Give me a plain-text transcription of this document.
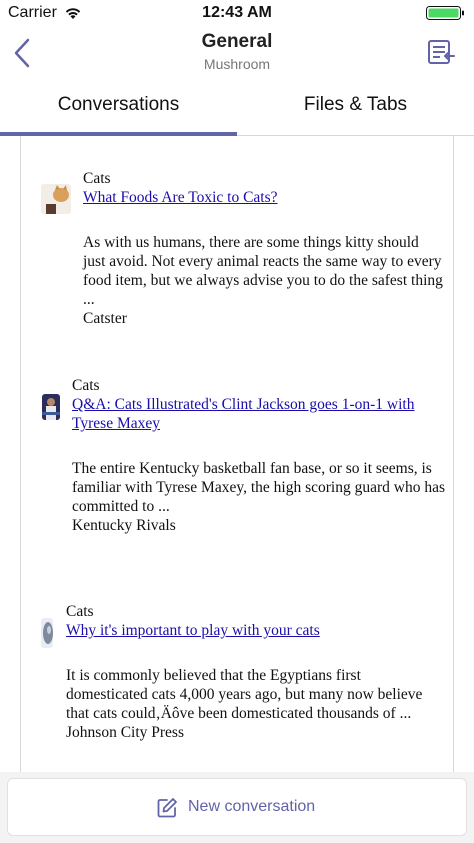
Carrier	12:43 AM
General
Mushroom
Conversations	Files & Tabs
Cats
What Foods Are Toxic to Cats?
As with us humans, there are some things kitty should just avoid. Not every animal reacts the same way to every food item, but we always advise you to do the safest thing ...
Catster
Cats
Q&A: Cats Illustrated's Clint Jackson goes 1-on-1 with Tyrese Maxey
The entire Kentucky basketball fan base, or so it seems, is familiar with Tyrese Maxey, the high scoring guard who has committed to ...
Kentucky Rivals
Cats
Why it's important to play with your cats
It is commonly believed that the Egyptians first domesticated cats 4,000 years ago, but many now believe that cats could‚Äôve been domesticated thousands of ...
Johnson City Press
New conversation
